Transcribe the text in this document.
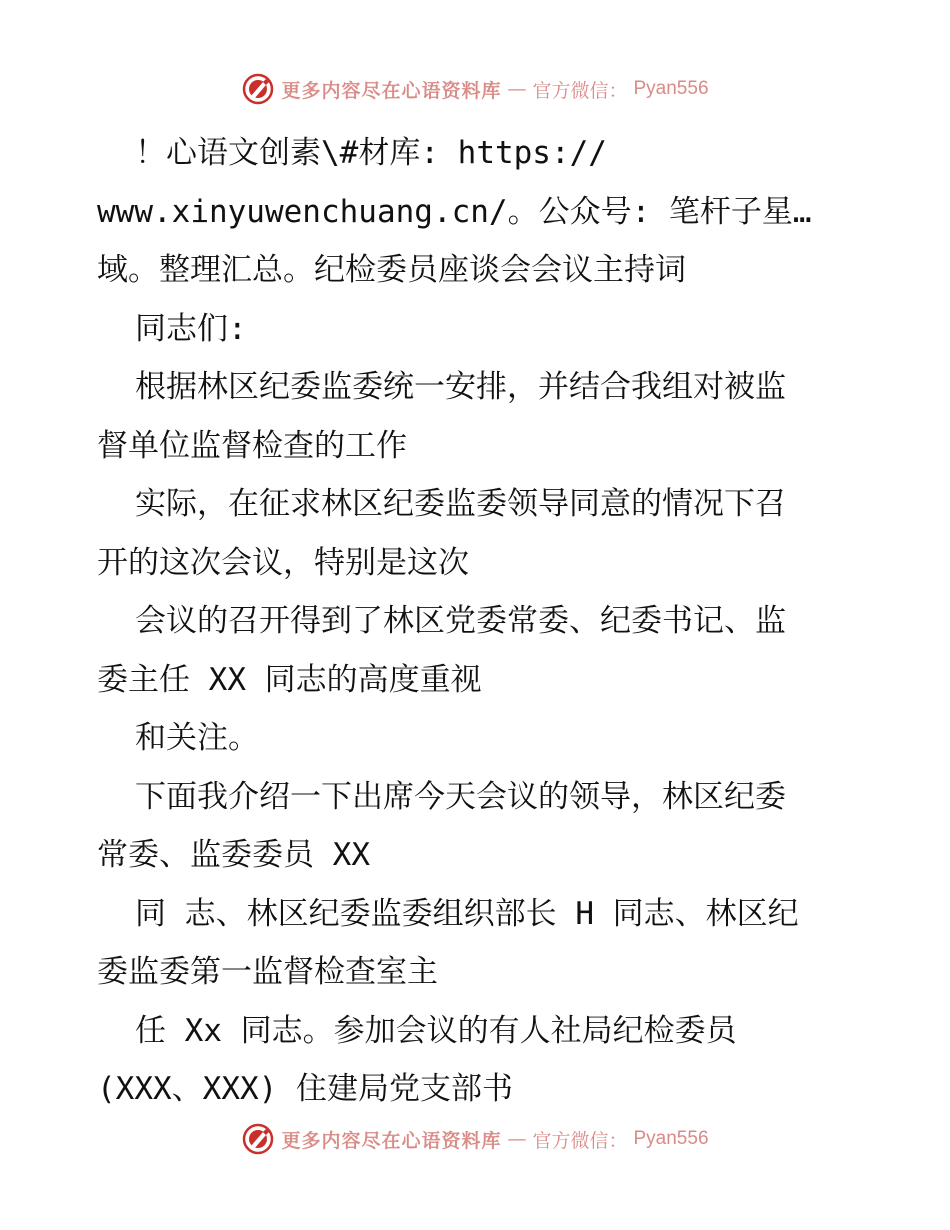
更多内容尽在心语资料库 — 官方微信： Pyan556
！心语文创素\#材库: https://
www.xinyuwenchuang.cn/。公众号: 笔杆子星…
域。整理汇总。纪检委员座谈会会议主持词
同志们:
根据林区纪委监委统一安排，并结合我组对被监
督单位监督检查的工作
实际，在征求林区纪委监委领导同意的情况下召
开的这次会议，特别是这次
会议的召开得到了林区党委常委、纪委书记、监
委主任 XX 同志的高度重视
和关注。
下面我介绍一下出席今天会议的领导，林区纪委
常委、监委委员 XX
同 志、林区纪委监委组织部长 H 同志、林区纪
委监委第一监督检查室主
任 Xx 同志。参加会议的有人社局纪检委员
(XXX、XXX) 住建局党支部书
更多内容尽在心语资料库 — 官方微信： Pyan556
